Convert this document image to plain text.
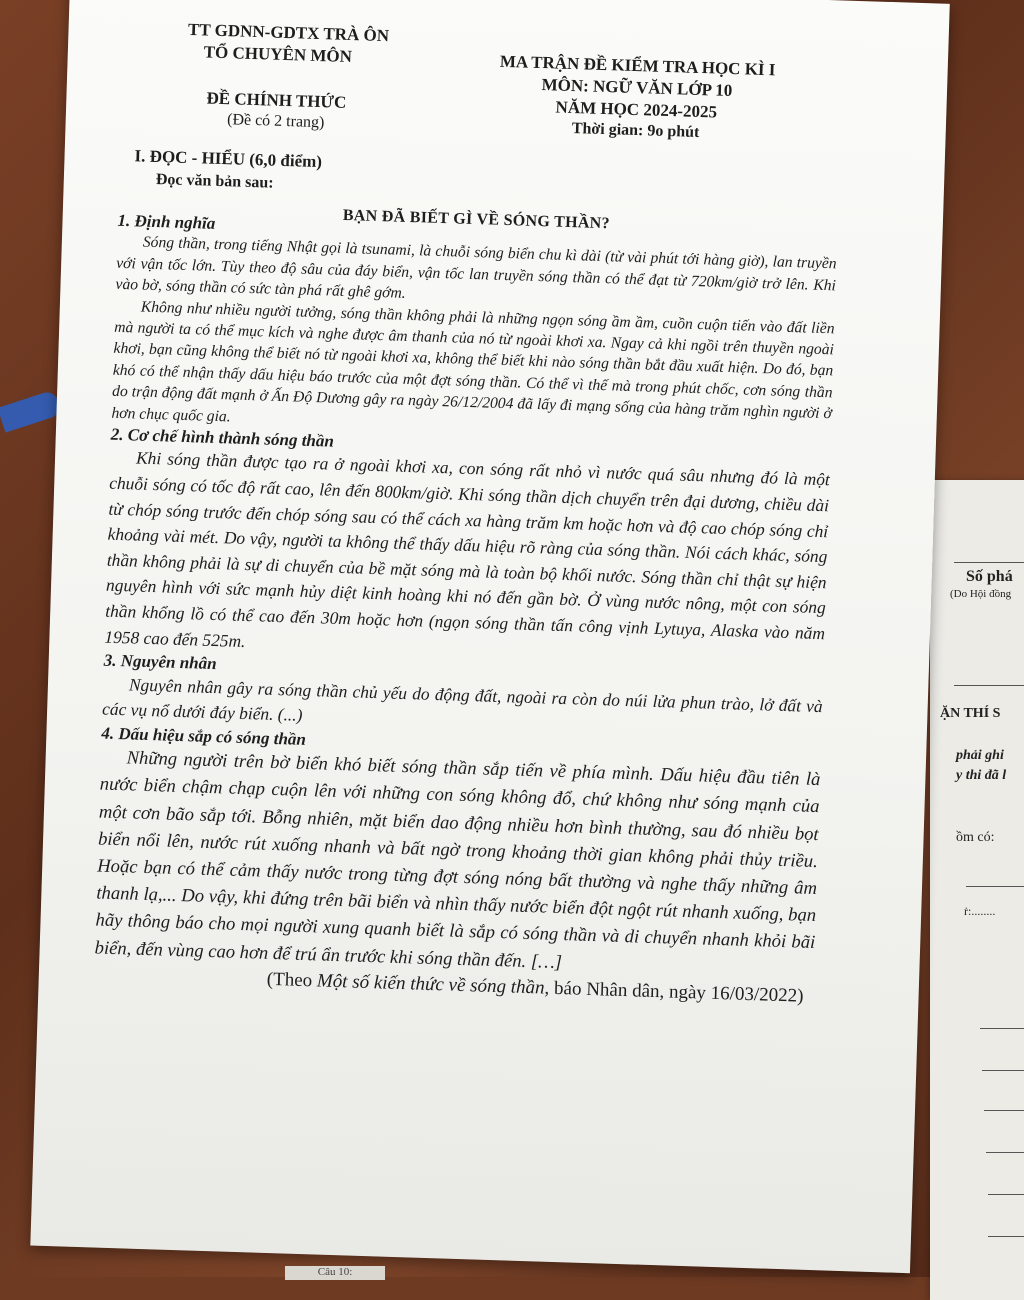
Số phá
(Do Hội đồng
ẶN THÍ S
phải ghi
y thi đã l
ồm có:
ṙ:........
TT GDNN-GDTX TRÀ ÔN
TỔ CHUYÊN MÔN
ĐỀ CHÍNH THỨC
(Đề có 2 trang)
MA TRẬN ĐỀ KIỂM TRA HỌC KÌ I
MÔN: NGỮ VĂN LỚP 10
NĂM HỌC 2024-2025
Thời gian: 9o phút
I. ĐỌC - HIỂU (6,0 điểm)
Đọc văn bản sau:
BẠN ĐÃ BIẾT GÌ VỀ SÓNG THẦN?
1. Định nghĩa

Sóng thần, trong tiếng Nhật gọi là tsunami, là chuỗi sóng biển chu kì dài (từ vài phút tới hàng giờ), lan truyền với vận tốc lớn. Tùy theo độ sâu của đáy biển, vận tốc lan truyền sóng thần có thể đạt từ 720km/giờ trở lên. Khi vào bờ, sóng thần có sức tàn phá rất ghê gớm.

Không như nhiều người tưởng, sóng thần không phải là những ngọn sóng ầm ầm, cuồn cuộn tiến vào đất liền mà người ta có thể mục kích và nghe được âm thanh của nó từ ngoài khơi xa. Ngay cả khi ngồi trên thuyền ngoài khơi, bạn cũng không thể biết nó từ ngoài khơi xa, không thể biết khi nào sóng thần bắt đầu xuất hiện. Do đó, bạn khó có thể nhận thấy dấu hiệu báo trước của một đợt sóng thần. Có thể vì thế mà trong phút chốc, cơn sóng thần do trận động đất mạnh ở Ấn Độ Dương gây ra ngày 26/12/2004 đã lấy đi mạng sống của hàng trăm nghìn người ở hơn chục quốc gia.

2. Cơ chế hình thành sóng thần

Khi sóng thần được tạo ra ở ngoài khơi xa, con sóng rất nhỏ vì nước quá sâu nhưng đó là một chuỗi sóng có tốc độ rất cao, lên đến 800km/giờ. Khi sóng thần dịch chuyển trên đại dương, chiều dài từ chóp sóng trước đến chóp sóng sau có thể cách xa hàng trăm km hoặc hơn và độ cao chóp sóng chỉ khoảng vài mét. Do vậy, người ta không thể thấy dấu hiệu rõ ràng của sóng thần. Nói cách khác, sóng thần không phải là sự di chuyển của bề mặt sóng mà là toàn bộ khối nước. Sóng thần chỉ thật sự hiện nguyên hình với sức mạnh hủy diệt kinh hoàng khi nó đến gần bờ. Ở vùng nước nông, một con sóng thần khổng lồ có thể cao đến 30m hoặc hơn (ngọn sóng thần tấn công vịnh Lytuya, Alaska vào năm 1958 cao đến 525m.

3. Nguyên nhân

Nguyên nhân gây ra sóng thần chủ yếu do động đất, ngoài ra còn do núi lửa phun trào, lở đất và các vụ nổ dưới đáy biển. (...)

4. Dấu hiệu sắp có sóng thần

Những người trên bờ biển khó biết sóng thần sắp tiến về phía mình. Dấu hiệu đầu tiên là nước biển chậm chạp cuộn lên với những con sóng không đổ, chứ không như sóng mạnh của một cơn bão sắp tới. Bỗng nhiên, mặt biển dao động nhiều hơn bình thường, sau đó nhiều bọt biển nổi lên, nước rút xuống nhanh và bất ngờ trong khoảng thời gian không phải thủy triều. Hoặc bạn có thể cảm thấy nước trong từng đợt sóng nóng bất thường và nghe thấy những âm thanh lạ,... Do vậy, khi đứng trên bãi biển và nhìn thấy nước biển đột ngột rút nhanh xuống, bạn hãy thông báo cho mọi người xung quanh biết là sắp có sóng thần và di chuyển nhanh khỏi bãi biển, đến vùng cao hơn để trú ẩn trước khi sóng thần đến. […]

(Theo Một số kiến thức về sóng thần, báo Nhân dân, ngày 16/03/2022)
Câu 10:
